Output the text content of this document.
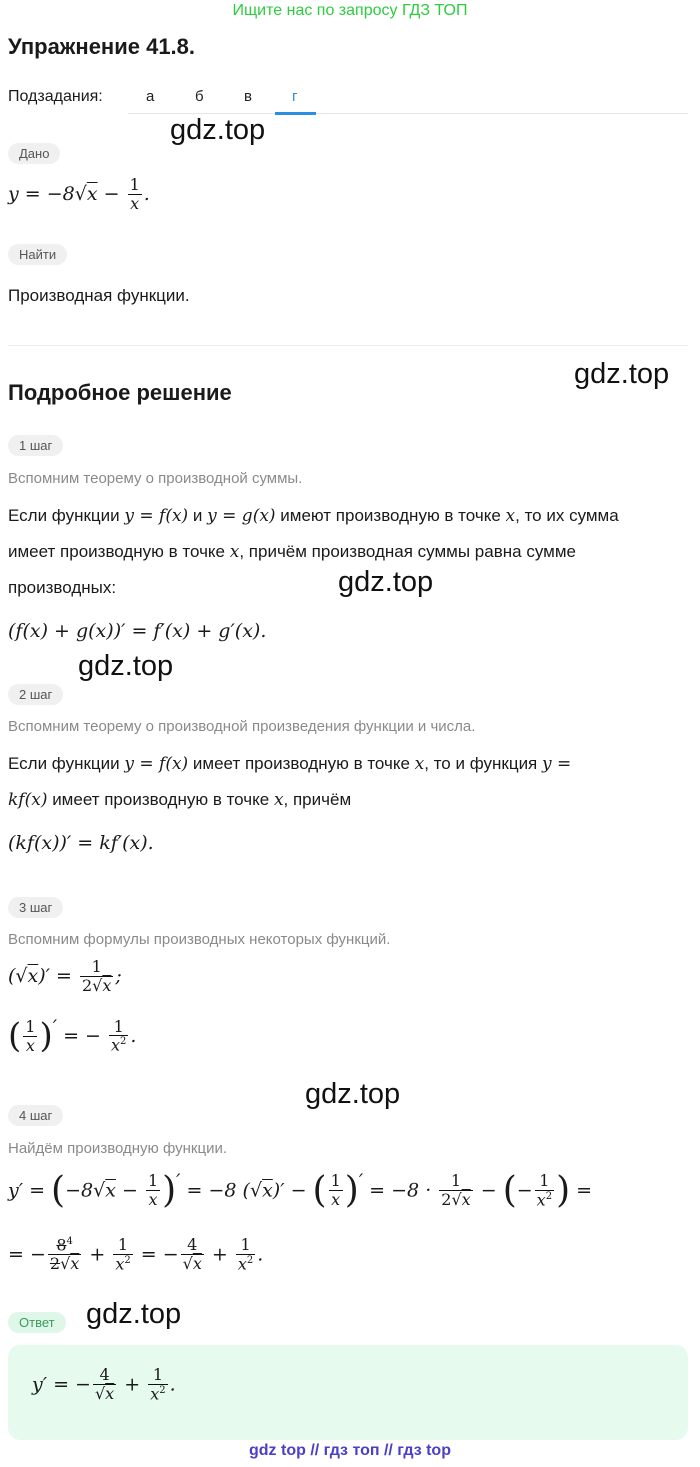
Ищите нас по запросу ГДЗ ТОП
Упражнение 41.8.
Подзадания:	а	б	в	г
gdz.top
Дано
$y = -8√x - \frac{1}{x}$ .
Найти
Производная функции.
gdz.top
Подробное решение
1 шаг
Вспомним теорему о производной суммы.
Если функции y = f(x) и y = g(x) имеют производную в точке x, то их сумма
имеет производную в точке x, причём производная суммы равна сумме
производных:	gdz.top
(f(x) + g(x))′ = f′(x) + g′(x).
gdz.top
2 шаг
Вспомним теорему о производной произведения функции и числа.
Если функции y = f(x) имеет производную в точке x, то и функция y =
kf(x) имеет производную в точке x, причём
(kf(x))′ = kf′(x).
3 шаг
Вспомним формулы производных некоторых функций.
$(√x)' = \frac{1}{2√x}$ ;
( $\frac{1}{x}$ )′ = − $\frac{1}{x^2}$ .
gdz.top
4 шаг
Найдём производную функции.
$y' = (-8√x - \frac{1}{x}$ )′ = −8 (√x)′ − ( $\frac{1}{x}$ )′ = $-8 \cdot \frac{1}{2√x}$ − (− $\frac{1}{x^2}$ ) =
= − $\frac{8^4}{2√x} + \frac{1}{x^2}$ = − $\frac{4}{√x} + \frac{1}{x^2}$ .
Ответ	gdz.top
y′ = − $\frac{4}{√x} + \frac{1}{x^2}$ .
gdz top // гдз топ // гдз top
